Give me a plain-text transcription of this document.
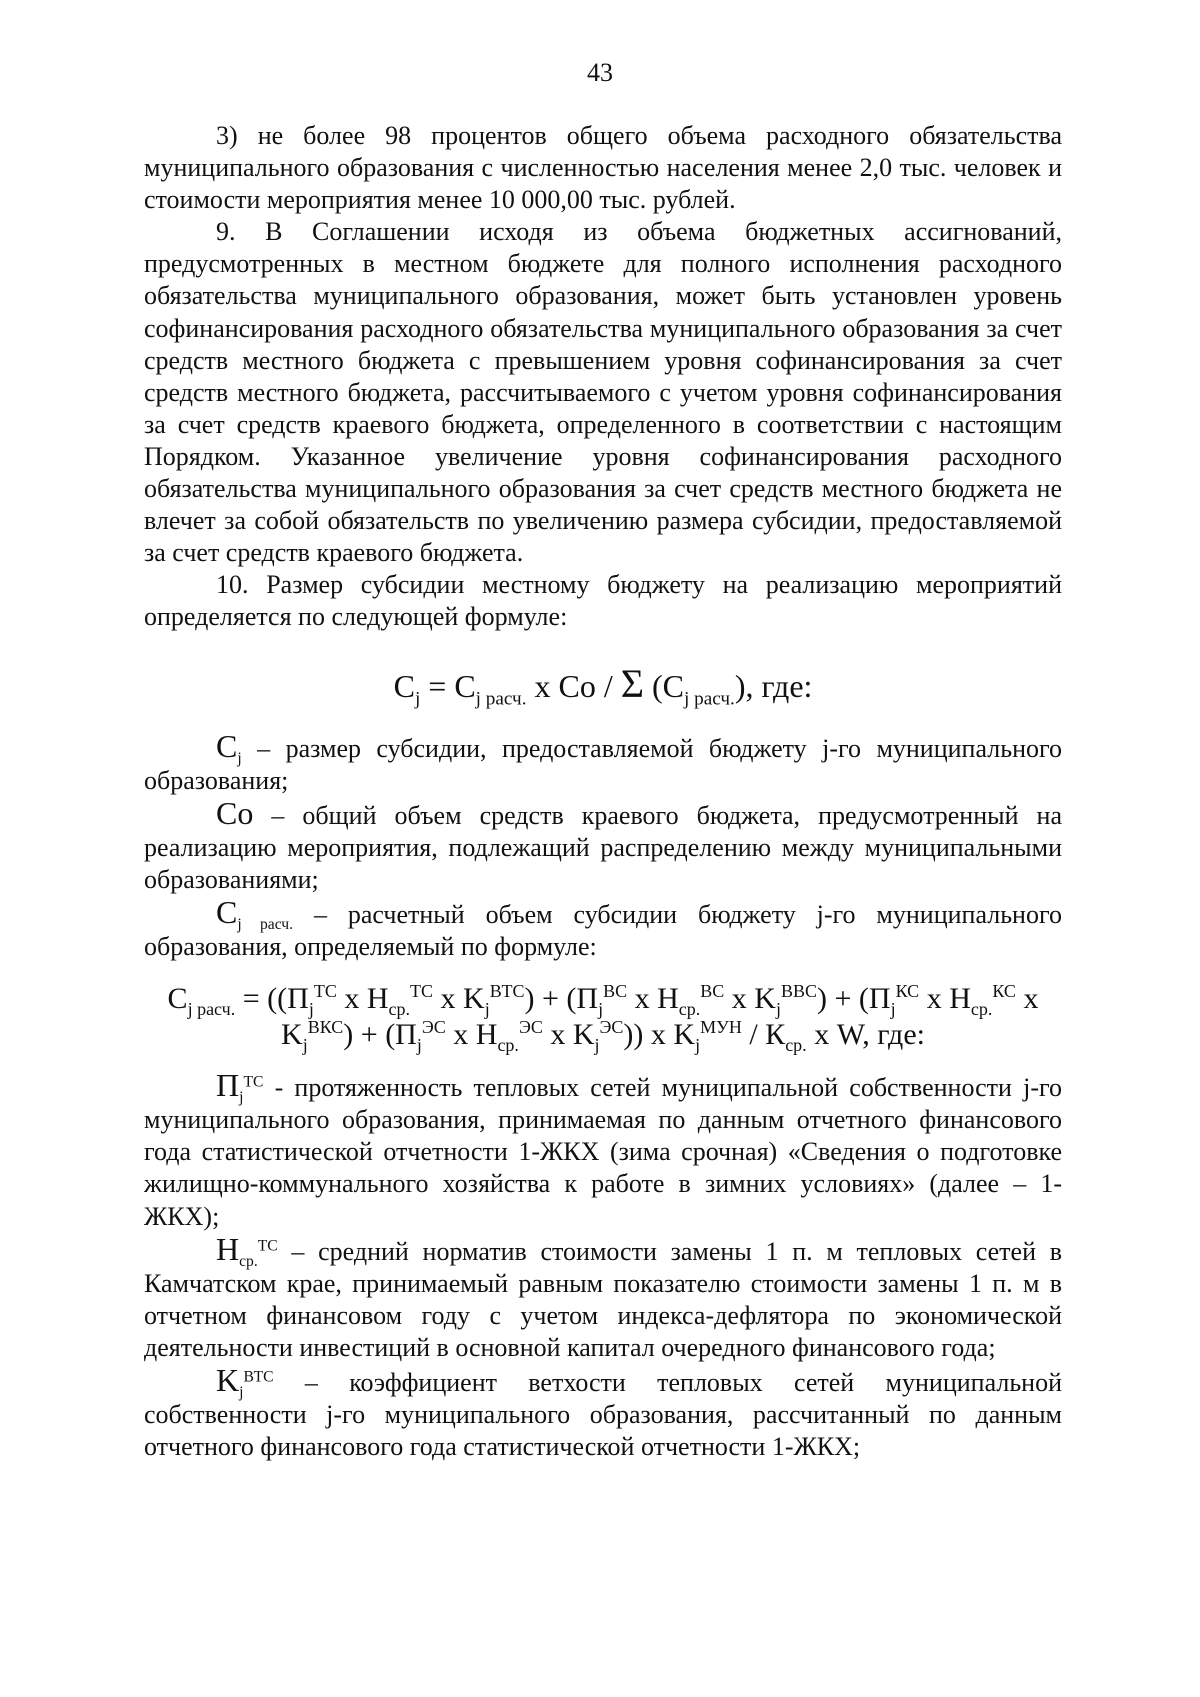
43

3) не более 98 процентов общего объема расходного обязательства муниципального образования с численностью населения менее 2,0 тыс. человек и стоимости мероприятия менее 10 000,00 тыс. рублей.

9. В Соглашении исходя из объема бюджетных ассигнований, предусмотренных в местном бюджете для полного исполнения расходного обязательства муниципального образования, может быть установлен уровень софинансирования расходного обязательства муниципального образования за счет средств местного бюджета с превышением уровня софинансирования за счет средств местного бюджета, рассчитываемого с учетом уровня софинансирования за счет средств краевого бюджета, определенного в соответствии с настоящим Порядком. Указанное увеличение уровня софинансирования расходного обязательства муниципального образования за счет средств местного бюджета не влечет за собой обязательств по увеличению размера субсидии, предоставляемой за счет средств краевого бюджета.

10. Размер субсидии местному бюджету на реализацию мероприятий определяется по следующей формуле:

$C_j = C_{j расч.}$ х Со / Σ $(C_{j расч.})$, где:

$C_j$ – размер субсидии, предоставляемой бюджету j-го муниципального образования;

Со – общий объем средств краевого бюджета, предусмотренный на реализацию мероприятия, подлежащий распределению между муниципальными образованиями;

$C_{j расч.}$ – расчетный объем субсидии бюджету j-го муниципального образования, определяемый по формуле:

$C_{j расч.} = ((П_j^{ТС}$ х $Н_{ср.}^{ТС}$ х $K_j^{ВТС}) + (П_j^{ВС}$ х $Н_{ср.}^{ВС}$ х $K_j^{ВВС}) + (П_j^{КС}$ х $Н_{ср.}^{КС}$ х
$K_j^{ВКС}) + (П_j^{ЭС}$ х $Н_{ср.}^{ЭС}$ х $K_j^{ЭС}$)) х $K_j^{МУН} / К_{ср.}$ х W, где:

$П_j^{ТС}$ - протяженность тепловых сетей муниципальной собственности j-го муниципального образования, принимаемая по данным отчетного финансового года статистической отчетности 1-ЖКХ (зима срочная) «Сведения о подготовке жилищно-коммунального хозяйства к работе в зимних условиях» (далее – 1-ЖКХ);

$Н_{ср.}^{ТС}$ – средний норматив стоимости замены 1 п. м тепловых сетей в Камчатском крае, принимаемый равным показателю стоимости замены 1 п. м в отчетном финансовом году с учетом индекса-дефлятора по экономической деятельности инвестиций в основной капитал очередного финансового года;

$K_j^{ВТС}$ – коэффициент ветхости тепловых сетей муниципальной собственности j-го муниципального образования, рассчитанный по данным отчетного финансового года статистической отчетности 1-ЖКХ;
